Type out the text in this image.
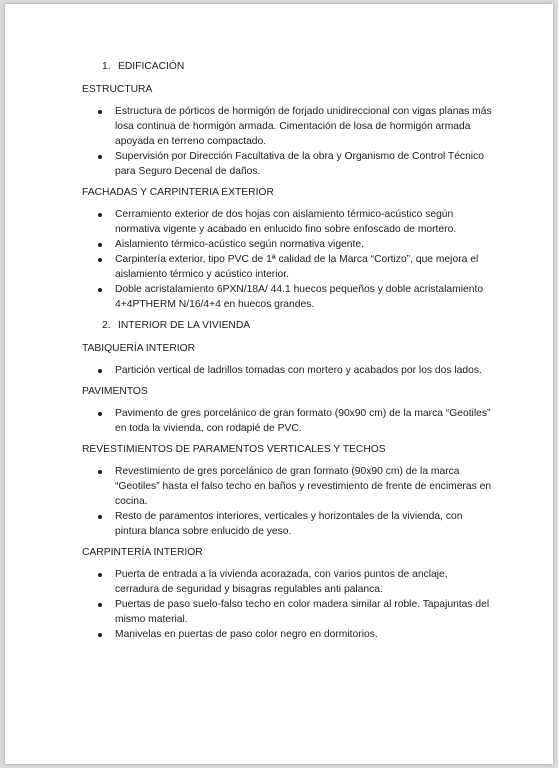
1. EDIFICACIÓN
ESTRUCTURA
Estructura de pórticos de hormigón de forjado unidireccional con vigas planas más losa continua de hormigón armada. Cimentación de losa de hormigón armada apoyada en terreno compactado.
Supervisión por Dirección Facultativa de la obra y Organismo de Control Técnico para Seguro Decenal de daños.
FACHADAS Y CARPINTERIA EXTERIOR
Cerramiento exterior de dos hojas con aislamiento térmico-acústico según normativa vigente y acabado en enlucido fino sobre enfoscado de mortero.
Aislamiento térmico-acústico según normativa vigente.
Carpintería exterior, tipo PVC de 1ª calidad de la Marca “Cortizo”, que mejora el aislamiento térmico y acústico interior.
Doble acristalamiento 6PXN/18A/ 44.1 huecos pequeños y doble acristalamiento 4+4PTHERM N/16/4+4 en huecos grandes.
2. INTERIOR DE LA VIVIENDA
TABIQUERÍA INTERIOR
Partición vertical de ladrillos tomadas con mortero y acabados por los dos lados.
PAVIMENTOS
Pavimento de gres porcelánico de gran formato (90x90 cm) de la marca “Geotiles” en toda la vivienda, con rodapié de PVC.
REVESTIMIENTOS DE PARAMENTOS VERTICALES Y TECHOS
Revestimiento de gres porcelánico de gran formato (90x90 cm) de la marca “Geotiles” hasta el falso techo en baños y revestimiento de frente de encimeras en cocina.
Resto de paramentos interiores, verticales y horizontales de la vivienda, con pintura blanca sobre enlucido de yeso.
CARPINTERÍA INTERIOR
Puerta de entrada a la vivienda acorazada, con varios puntos de anclaje, cerradura de seguridad y bisagras regulables anti palanca.
Puertas de paso suelo-falso techo en color madera similar al roble. Tapajuntas del mismo material.
Manivelas en puertas de paso color negro en dormitorios.
